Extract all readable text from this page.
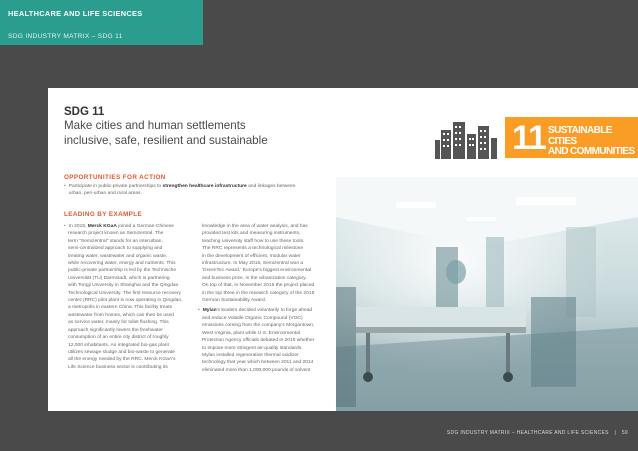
HEALTHCARE AND LIFE SCIENCES
SDG INDUSTRY MATRIX – SDG 11
SDG 11
Make cities and human settlements
inclusive, safe, resilient and sustainable	11 SUSTAINABLE CITIES
AND COMMUNITIES
OPPORTUNITIES FOR ACTION
• Participate in public-private partnerships to strengthen healthcare infrastructure and linkages between
urban, peri-urban and rural areas.
LEADING BY EXAMPLE
• In 2015, Merck KGaA joined a German-Chinese
research project known as Semizentral. The
term "Semizentral" stands for an interurban,
semi-centralized approach to supplying and
treating water, wastewater and organic waste,
while recovering water, energy and nutrients. This
public-private partnership is led by the Technische
Universität (TU) Darmstadt, which is partnering
with Tongji University in Shanghai and the Qingdao
Technological University. The first resource recovery
center (RRC) pilot plant is now operating in Qingdao,
a metropolis in eastern China. This facility treats
wastewater from homes, which can then be used
as service water, mainly for toilet flushing. This
approach significantly lowers the freshwater
consumption of an entire city district of roughly
12,000 inhabitants. An integrated bio-gas plant
utilizes sewage sludge and bio-waste to generate
all the energy needed by the RRC. Merck KGaA's
Life Science business sector is contributing its
knowledge in the area of water analysis, and has
provided test kits and measuring instruments,
teaching university staff how to use these tools.
The RRC represents a technological milestone
in the development of efficient, modular water
infrastructure. In May 2015, Semizentral won a
'GreenTec Award,' Europe's biggest environmental
and business prize, in the urbanization category.
On top of that, in November 2015 the project placed
in the top three in the research category of the 2015
German Sustainability Award.
• Mylan's leaders decided voluntarily to forge ahead
and reduce Volatile Organic Compound (VOC)
emissions coming from the company's Morgantown,
West Virginia, plant while U.S. Environmental
Protection Agency officials debated in 2015 whether
to impose more stringent air-quality standards.
Mylan installed regenerative thermal oxidizer
technology that year which between 2011 and 2014
eliminated more than 1,000,000 pounds of solvent
SDG INDUSTRY MATRIX – HEALTHCARE AND LIFE SCIENCES | 59
